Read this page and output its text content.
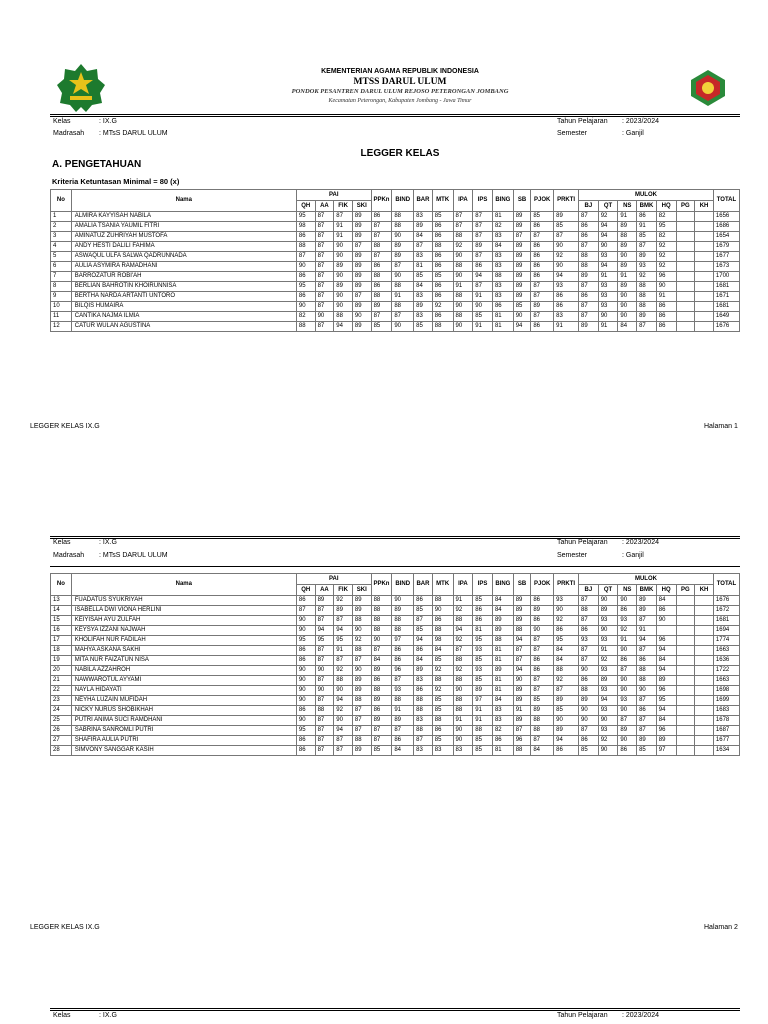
KEMENTERIAN AGAMA REPUBLIK INDONESIA
MTSS DARUL ULUM
PONDOK PESANTREN DARUL ULUM REJOSO PETERONGAN JOMBANG
Kecamatan Peterongan, Kabupaten Jombang - Jawa Timur
Kelas	: IX.G
Madrasah : MTsS DARUL ULUM
Tahun Pelajaran : 2023/2024
Semester	: Ganjil
LEGGER KELAS
A. PENGETAHUAN
Kriteria Ketuntasan Minimal = 80 (x)
No	Nama	PAI				PPKn	BIND	BAR	MTK	IPA	IPS	BING	SB	PJOK	PRKTI	MULOK							TOTAL
		QH	AA	FIK	SKI											BJ	QT	NS	BMK	HQ	PG	KH	
1	ALMIRA KAYYISAH NABILA	95	87	87	89	86	88	83	85	87	87	81	89	85	89	87	92	91	86	82			1656
2	AMALIA TSANIA YAUMIL FITRI	98	87	91	89	87	88	89	86	87	87	82	89	86	85	86	94	89	91	95			1686
3	AMINATUZ ZUHRIYAH MUSTOFA	86	87	91	89	87	90	84	86	88	87	83	87	87	87	86	94	88	85	82			1654
4	ANDY HESTI DALILI FAHIMA	88	87	90	87	88	89	87	88	92	89	84	89	86	90	87	90	89	87	92			1679
5	ASWAQUL ULFA SALWA QADRUNNADA	87	87	90	89	87	89	83	86	90	87	83	89	86	92	88	93	90	89	92			1677
6	AULIA ASYMIRA RAMADHANI	90	87	89	89	86	87	81	86	88	86	83	89	86	90	88	94	89	93	92			1673
7	BARROZATUR ROBI'AH	86	87	90	89	88	90	85	85	90	94	88	89	86	94	89	91	91	92	96			1700
8	BERLIAN BAHROTIN KHOIRUNNISA	95	87	89	89	86	88	84	86	91	87	83	89	87	93	87	93	89	88	90			1681
9	BERTHA NARDA ARTANTI UNTORO	86	87	90	87	88	91	83	86	88	91	83	89	87	86	86	93	90	88	91			1671
10	BILQIS HUMAIRA	90	87	90	89	89	88	89	92	90	90	86	85	89	86	87	93	90	88	86			1681
11	CANTIKA NAJMA ILMIA	82	90	88	90	87	87	83	86	88	85	81	90	87	83	87	90	90	89	86			1649
12	CATUR WULAN AGUSTINA	88	87	94	89	85	90	85	88	90	91	81	94	86	91	89	91	84	87	86			1676
LEGGER KELAS IX.G	Halaman 1
Kelas	: IX.G
Madrasah : MTsS DARUL ULUM
Tahun Pelajaran : 2023/2024
Semester	: Ganjil
No	Nama	PAI				PPKn	BIND	BAR	MTK	IPA	IPS	BING	SB	PJOK	PRKTI	MULOK							TOTAL
		QH	AA	FIK	SKI											BJ	QT	NS	BMK	HQ	PG	KH	
13	FUADATUS SYUKRIYAH	86	89	92	89	88	90	86	88	91	85	84	89	86	93	87	90	90	89	84			1676
14	ISABELLA DWI VIONA HERLINI	87	87	89	89	88	89	85	90	92	86	84	89	89	90	88	89	86	89	86			1672
15	KEIYISAH AYU ZULFAH	90	87	87	88	88	88	87	86	88	86	89	89	86	92	87	93	93	87	90			1681
16	KEYSYA IZZANI NAJWAH	90	94	94	90	88	88	85	88	94	81	89	88	90	86	86	90	92	91				1694
17	KHOLIFAH NUR FADILAH	95	95	95	92	90	97	94	98	92	95	88	94	87	95	93	93	91	94	96			1774
18	MAHYA ASKANA SAKHI	86	87	91	88	87	86	86	84	87	93	81	87	87	84	87	91	90	87	94			1663
19	MITA NUR FAIZATUN NISA	86	87	87	87	84	86	84	85	88	85	81	87	86	84	87	92	86	86	84			1636
20	NABILA AZZAHROH	90	90	92	90	89	96	89	92	92	93	89	94	86	88	90	93	87	88	94			1722
21	NAWWAROTUL AYYAMI	90	87	88	89	86	87	83	88	88	85	81	90	87	92	86	89	90	88	89			1663
22	NAYLA HIDAYATI	90	90	90	89	88	93	86	92	90	89	81	89	87	87	88	93	90	90	96			1698
23	NEYHA LUZAIN MUFIDAH	90	87	94	88	89	88	88	85	88	97	84	89	85	89	89	94	93	87	95			1699
24	NICKY NURUS SHOBIKHAH	86	88	92	87	86	91	88	85	88	91	83	91	89	85	90	93	90	86	94			1683
25	PUTRI ANIMA SUCI RAMDHANI	90	87	90	87	89	89	83	88	91	91	83	89	88	90	90	90	87	87	84			1678
26	SABRINA SANROMLI PUTRI	95	87	94	87	87	87	88	86	90	88	82	87	88	89	87	93	89	87	96			1687
27	SHAFIRA AULIA PUTRI	86	87	87	88	87	86	87	85	90	85	86	96	87	94	86	92	90	89	89			1677
28	SIMVONY SANGGAR KASIH	86	87	87	89	85	84	83	83	83	85	81	88	84	86	85	90	86	85	97			1634
LEGGER KELAS IX.G	Halaman 2
Kelas	: IX.G	Tahun Pelajaran : 2023/2024
